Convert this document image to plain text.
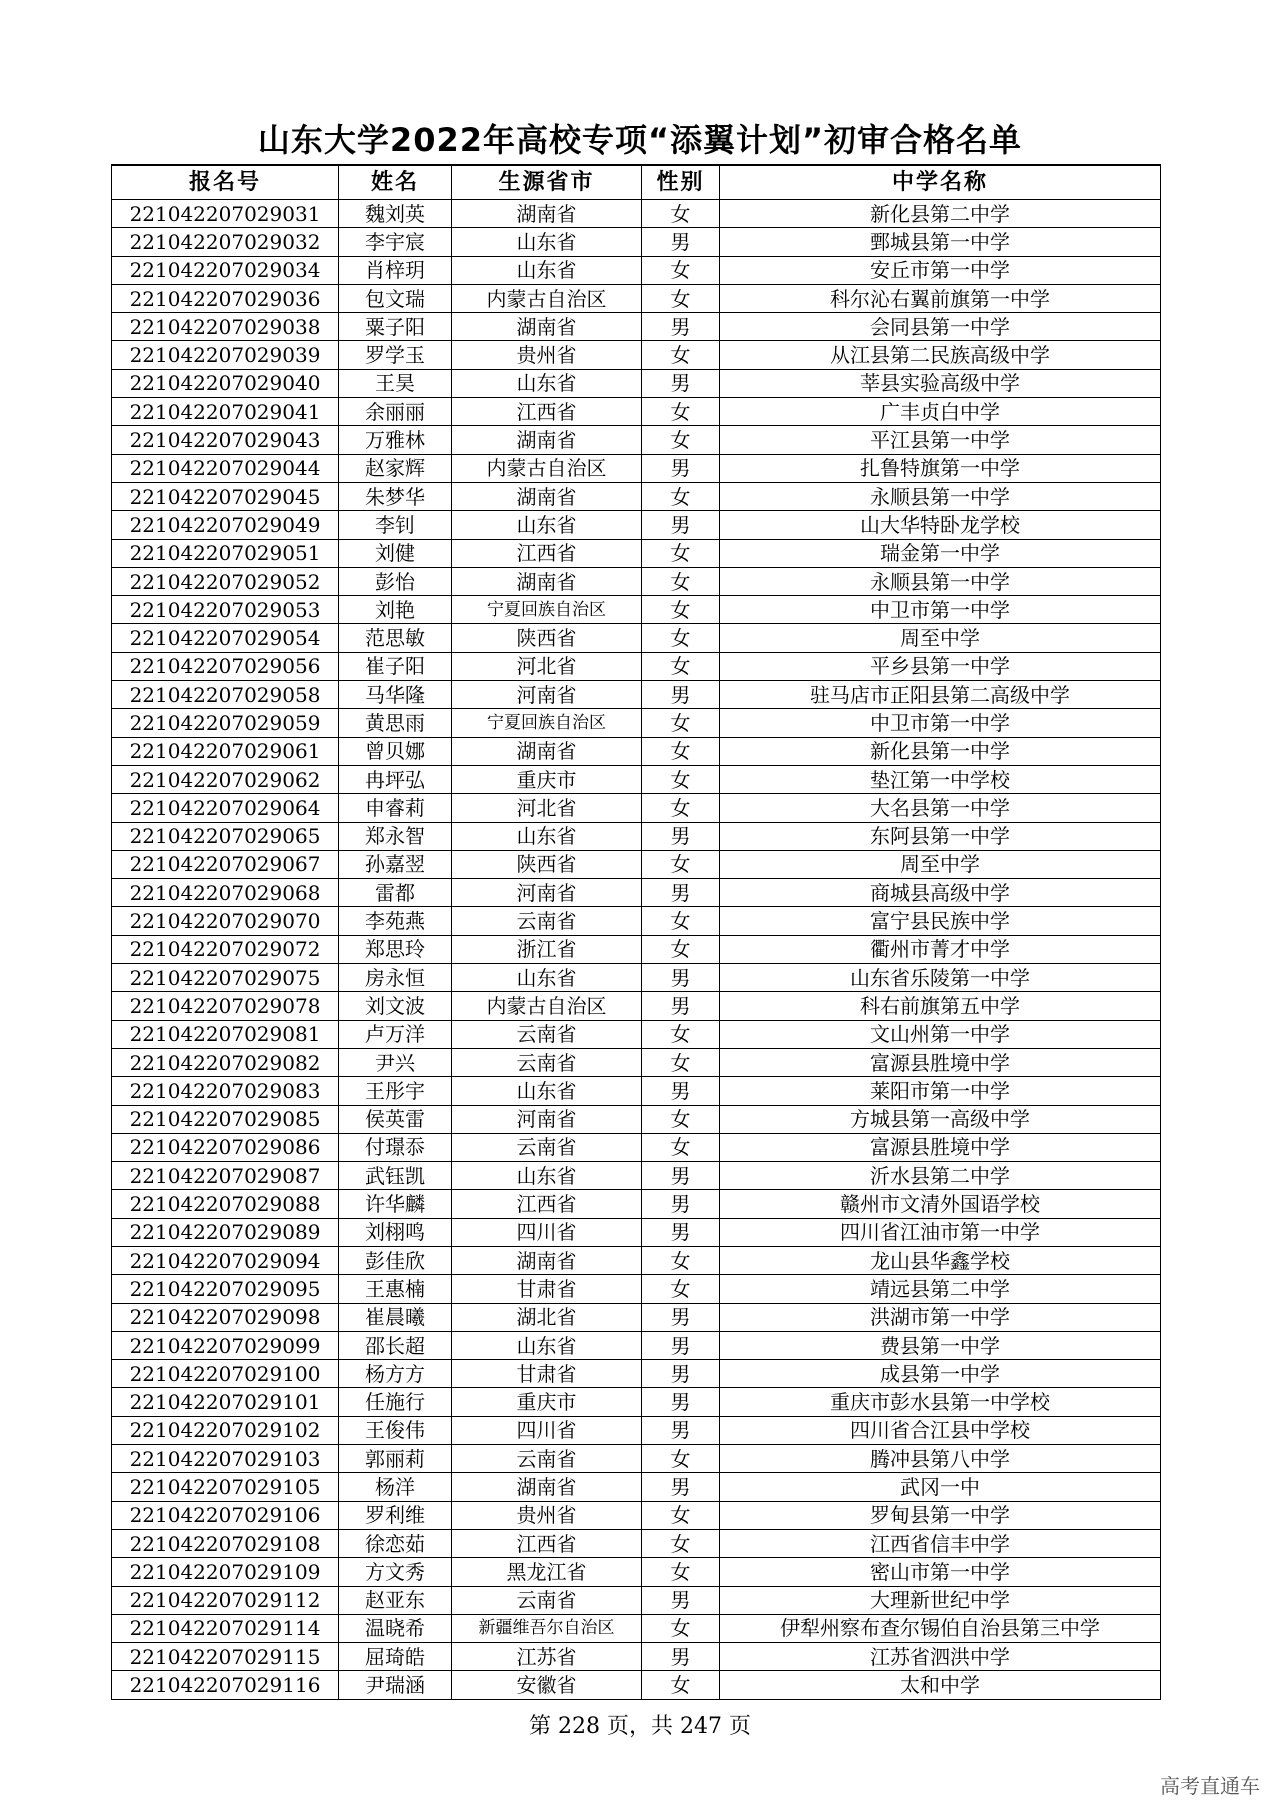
山东大学2022年高校专项“添翼计划”初审合格名单
报名号	姓名	生源省市	性别	中学名称
221042207029031	魏刘英	湖南省	女	新化县第二中学
221042207029032	李宇宸	山东省	男	鄄城县第一中学
221042207029034	肖梓玥	山东省	女	安丘市第一中学
221042207029036	包文瑞	内蒙古自治区	女	科尔沁右翼前旗第一中学
221042207029038	粟子阳	湖南省	男	会同县第一中学
221042207029039	罗学玉	贵州省	女	从江县第二民族高级中学
221042207029040	王昊	山东省	男	莘县实验高级中学
221042207029041	余丽丽	江西省	女	广丰贞白中学
221042207029043	万雅林	湖南省	女	平江县第一中学
221042207029044	赵家辉	内蒙古自治区	男	扎鲁特旗第一中学
221042207029045	朱梦华	湖南省	女	永顺县第一中学
221042207029049	李钊	山东省	男	山大华特卧龙学校
221042207029051	刘健	江西省	女	瑞金第一中学
221042207029052	彭怡	湖南省	女	永顺县第一中学
221042207029053	刘艳	宁夏回族自治区	女	中卫市第一中学
221042207029054	范思敏	陕西省	女	周至中学
221042207029056	崔子阳	河北省	女	平乡县第一中学
221042207029058	马华隆	河南省	男	驻马店市正阳县第二高级中学
221042207029059	黄思雨	宁夏回族自治区	女	中卫市第一中学
221042207029061	曾贝娜	湖南省	女	新化县第一中学
221042207029062	冉坪弘	重庆市	女	垫江第一中学校
221042207029064	申睿莉	河北省	女	大名县第一中学
221042207029065	郑永智	山东省	男	东阿县第一中学
221042207029067	孙嘉翌	陕西省	女	周至中学
221042207029068	雷都	河南省	男	商城县高级中学
221042207029070	李苑燕	云南省	女	富宁县民族中学
221042207029072	郑思玲	浙江省	女	衢州市菁才中学
221042207029075	房永恒	山东省	男	山东省乐陵第一中学
221042207029078	刘文波	内蒙古自治区	男	科右前旗第五中学
221042207029081	卢万洋	云南省	女	文山州第一中学
221042207029082	尹兴	云南省	女	富源县胜境中学
221042207029083	王彤宇	山东省	男	莱阳市第一中学
221042207029085	侯英雷	河南省	女	方城县第一高级中学
221042207029086	付璟忝	云南省	女	富源县胜境中学
221042207029087	武钰凯	山东省	男	沂水县第二中学
221042207029088	许华麟	江西省	男	赣州市文清外国语学校
221042207029089	刘栩鸣	四川省	男	四川省江油市第一中学
221042207029094	彭佳欣	湖南省	女	龙山县华鑫学校
221042207029095	王惠楠	甘肃省	女	靖远县第二中学
221042207029098	崔晨曦	湖北省	男	洪湖市第一中学
221042207029099	邵长超	山东省	男	费县第一中学
221042207029100	杨方方	甘肃省	男	成县第一中学
221042207029101	任施行	重庆市	男	重庆市彭水县第一中学校
221042207029102	王俊伟	四川省	男	四川省合江县中学校
221042207029103	郭丽莉	云南省	女	腾冲县第八中学
221042207029105	杨洋	湖南省	男	武冈一中
221042207029106	罗利维	贵州省	女	罗甸县第一中学
221042207029108	徐恋茹	江西省	女	江西省信丰中学
221042207029109	方文秀	黑龙江省	女	密山市第一中学
221042207029112	赵亚东	云南省	男	大理新世纪中学
221042207029114	温晓希	新疆维吾尔自治区	女	伊犁州察布查尔锡伯自治县第三中学
221042207029115	屈琦皓	江苏省	男	江苏省泗洪中学
221042207029116	尹瑞涵	安徽省	女	太和中学
第 228 页，共 247 页
高考直通车
